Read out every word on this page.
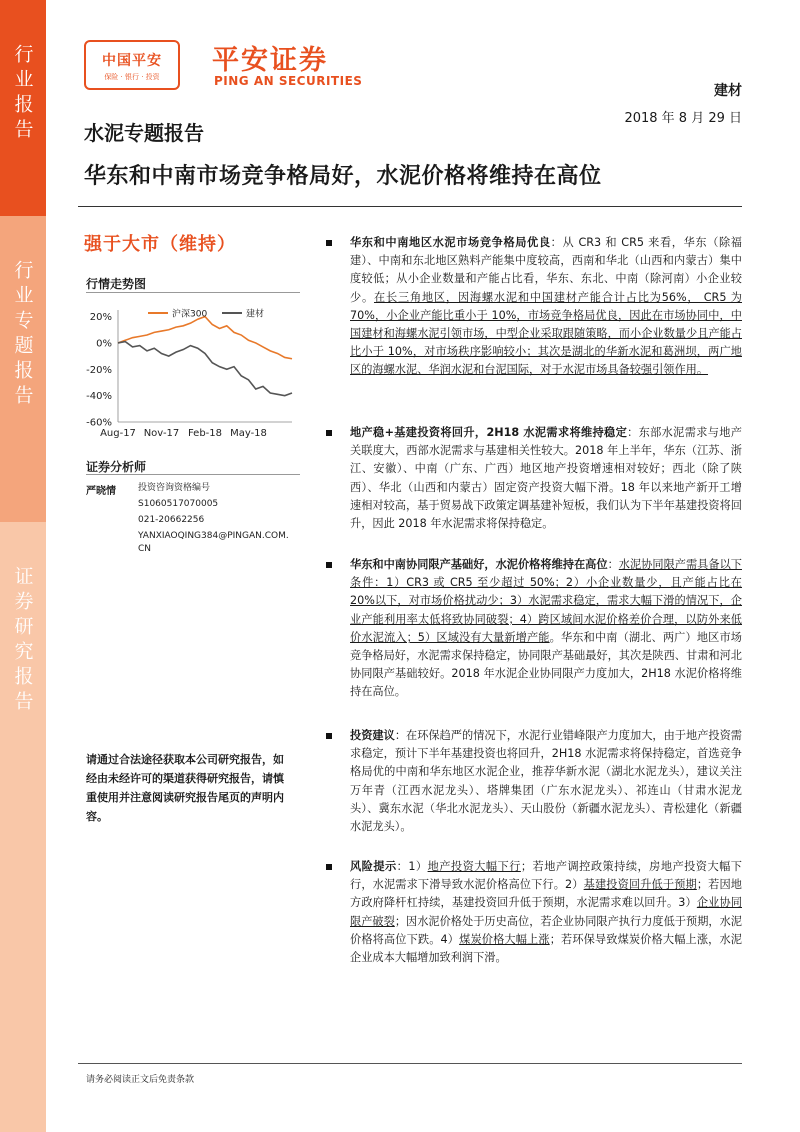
行业报告
行业专题报告
证券研究报告
中国平安
保险 · 银行 · 投资
平安证券
PING AN SECURITIES
建材
2018 年 8 月 29 日
水泥专题报告
华东和中南市场竞争格局好，水泥价格将维持在高位
强于大市（维持）
行情走势图
20%
0%
-20%
-40%
-60%
Aug-17 Nov-17 Feb-18 May-18
沪深300	建材
证券分析师
严晓情 投资咨询资格编号
S1060517070005
021-20662256
YANXIAOQING384@PINGAN.COM.
CN
请通过合法途径获取本公司研究报告，如经由未经许可的渠道获得研究报告，请慎重使用并注意阅读研究报告尾页的声明内容。
华东和中南地区水泥市场竞争格局优良：从 CR3 和 CR5 来看，华东（除福建）、中南和东北地区熟料产能集中度较高，西南和华北（山西和内蒙古）集中度较低；从小企业数量和产能占比看，华东、东北、中南（除河南）小企业较少。在长三角地区，因海螺水泥和中国建材产能合计占比为56%， CR5 为 70%，小企业产能比重小于 10%，市场竞争格局优良，因此在市场协同中，中国建材和海螺水泥引领市场，中型企业采取跟随策略，而小企业数量少且产能占比小于 10%，对市场秩序影响较小；其次是湖北的华新水泥和葛洲坝，两广地区的海螺水泥、华润水泥和台泥国际，对于水泥市场具备较强引领作用。
地产稳+基建投资将回升，2H18 水泥需求将维持稳定：东部水泥需求与地产关联度大，西部水泥需求与基建相关性较大。2018 年上半年，华东（江苏、浙江、安徽）、中南（广东、广西）地区地产投资增速相对较好；西北（除了陕西）、华北（山西和内蒙古）固定资产投资大幅下滑。18 年以来地产新开工增速相对较高，基于贸易战下政策定调基建补短板，我们认为下半年基建投资将回升，因此 2018 年水泥需求将保持稳定。
华东和中南协同限产基础好，水泥价格将维持在高位：水泥协同限产需具备以下条件：1）CR3 或 CR5 至少超过 50%；2）小企业数量少，且产能占比在 20%以下，对市场价格扰动少；3）水泥需求稳定，需求大幅下滑的情况下，企业产能利用率太低将致协同破裂；4）跨区域间水泥价格差价合理，以防外来低价水泥流入；5）区域没有大量新增产能。华东和中南（湖北、两广）地区市场竞争格局好，水泥需求保持稳定，协同限产基础最好，其次是陕西、甘肃和河北协同限产基础较好。2018 年水泥企业协同限产力度加大，2H18 水泥价格将维持在高位。
投资建议：在环保趋严的情况下，水泥行业错峰限产力度加大，由于地产投资需求稳定，预计下半年基建投资也将回升，2H18 水泥需求将保持稳定，首选竞争格局优的中南和华东地区水泥企业，推荐华新水泥（湖北水泥龙头），建议关注万年青（江西水泥龙头）、塔牌集团（广东水泥龙头）、祁连山（甘肃水泥龙头）、冀东水泥（华北水泥龙头）、天山股份（新疆水泥龙头）、青松建化（新疆水泥龙头）。
风险提示：1）地产投资大幅下行；若地产调控政策持续，房地产投资大幅下行，水泥需求下滑导致水泥价格高位下行。2）基建投资回升低于预期；若因地方政府降杆杠持续，基建投资回升低于预期，水泥需求难以回升。3）企业协同限产破裂；因水泥价格处于历史高位，若企业协同限产执行力度低于预期，水泥价格将高位下跌。4）煤炭价格大幅上涨；若环保导致煤炭价格大幅上涨，水泥企业成本大幅增加致利润下滑。
请务必阅读正文后免责条款
